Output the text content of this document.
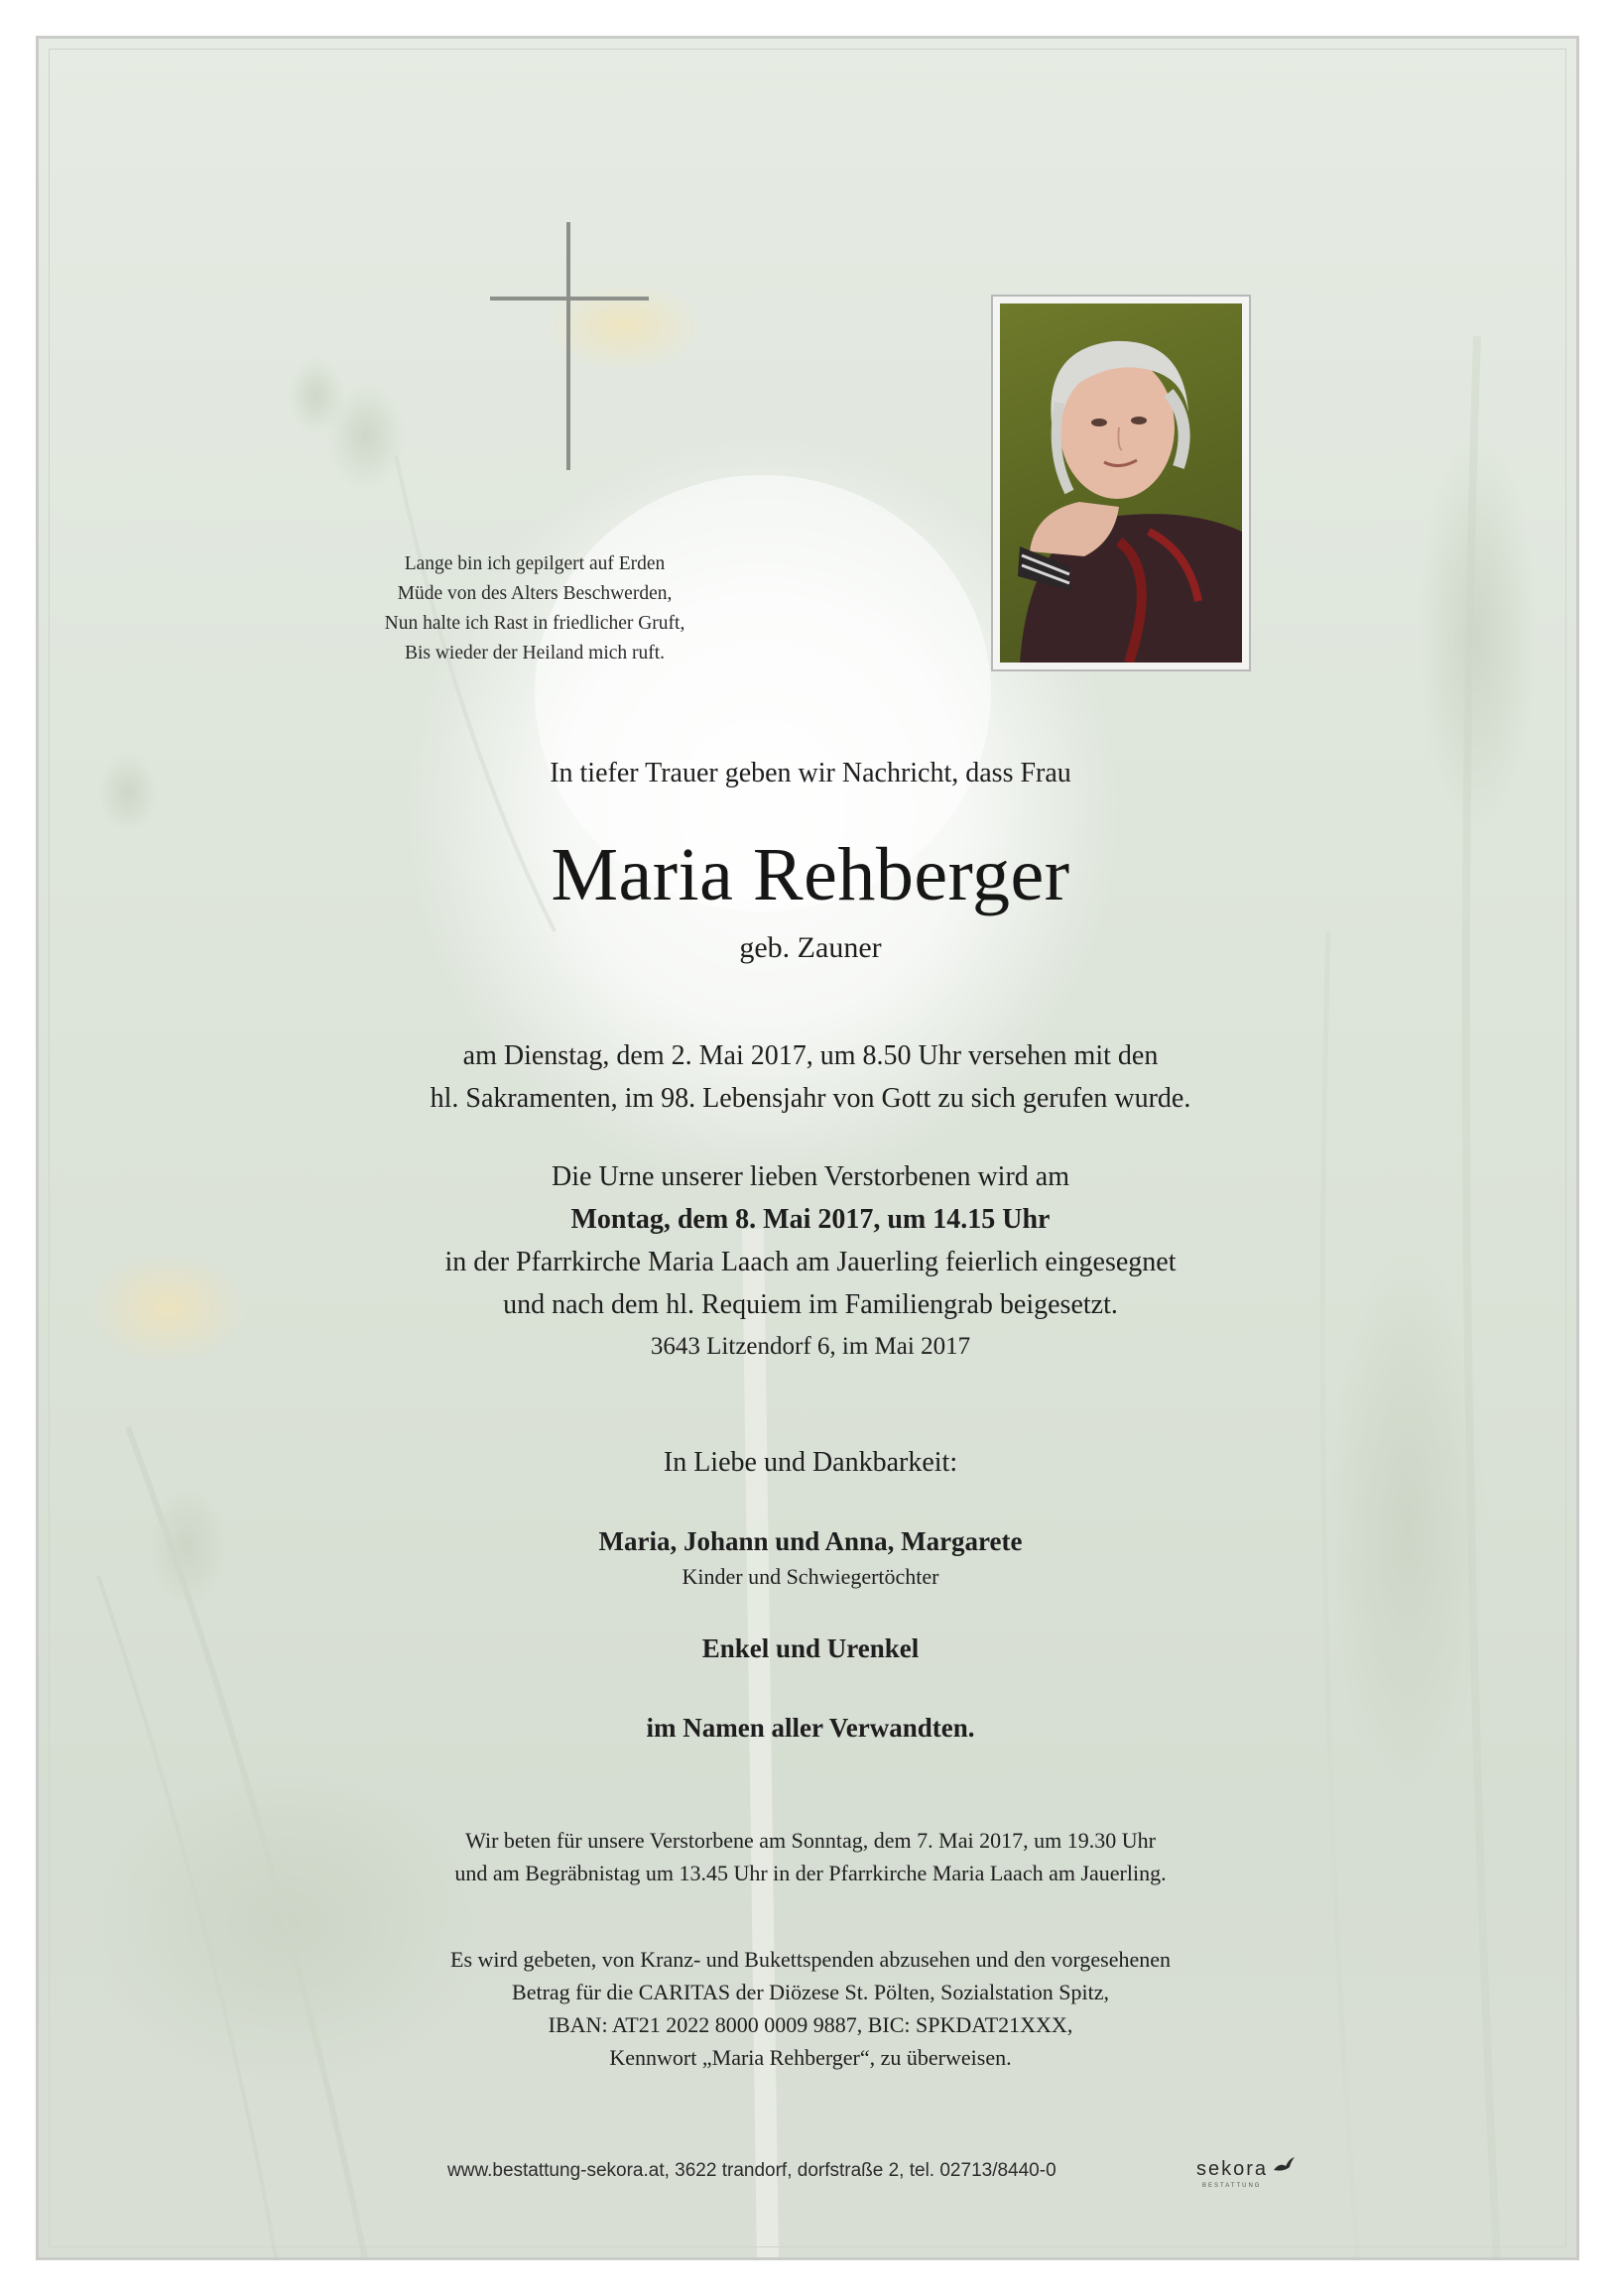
Lange bin ich gepilgert auf Erden
Müde von des Alters Beschwerden,
Nun halte ich Rast in friedlicher Gruft,
Bis wieder der Heiland mich ruft.
In tiefer Trauer geben wir Nachricht, dass Frau
Maria Rehberger
geb. Zauner
am Dienstag, dem 2. Mai 2017, um 8.50 Uhr versehen mit den
hl. Sakramenten, im 98. Lebensjahr von Gott zu sich gerufen wurde.
Die Urne unserer lieben Verstorbenen wird am
Montag, dem 8. Mai 2017, um 14.15 Uhr
in der Pfarrkirche Maria Laach am Jauerling feierlich eingesegnet
und nach dem hl. Requiem im Familiengrab beigesetzt.
3643 Litzendorf 6, im Mai 2017
In Liebe und Dankbarkeit:
Maria, Johann und Anna, Margarete
Kinder und Schwiegertöchter
Enkel und Urenkel
im Namen aller Verwandten.
Wir beten für unsere Verstorbene am Sonntag, dem 7. Mai 2017, um 19.30 Uhr
und am Begräbnistag um 13.45 Uhr in der Pfarrkirche Maria Laach am Jauerling.
Es wird gebeten, von Kranz- und Bukettspenden abzusehen und den vorgesehenen
Betrag für die CARITAS der Diözese St. Pölten, Sozialstation Spitz,
IBAN: AT21 2022 8000 0009 9887, BIC: SPKDAT21XXX,
Kennwort „Maria Rehberger“, zu überweisen.
www.bestattung-sekora.at, 3622 trandorf, dorfstraße 2, tel. 02713/8440-0	sekora
BESTATTUNG
